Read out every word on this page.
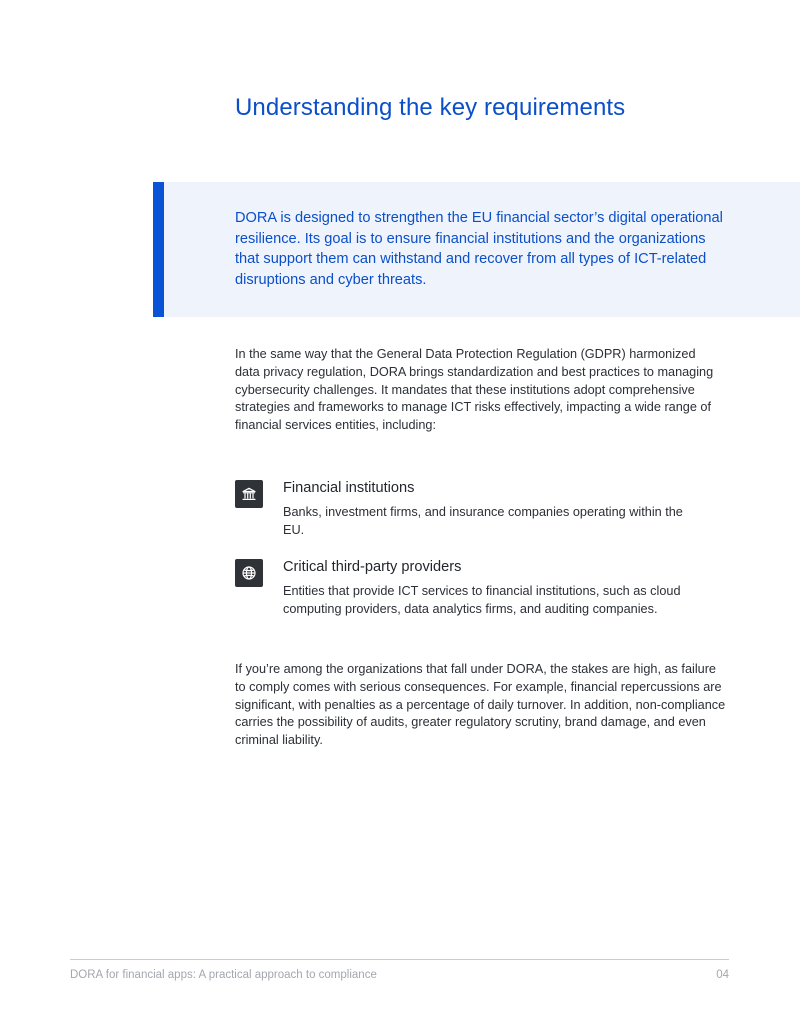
Understanding the key requirements

DORA is designed to strengthen the EU financial sector’s digital operational resilience. Its goal is to ensure financial institutions and the organizations that support them can withstand and recover from all types of ICT-related disruptions and cyber threats.

In the same way that the General Data Protection Regulation (GDPR) harmonized data privacy regulation, DORA brings standardization and best practices to managing cybersecurity challenges. It mandates that these institutions adopt comprehensive strategies and frameworks to manage ICT risks effectively, impacting a wide range of financial services entities, including:

Financial institutions

Banks, investment firms, and insurance companies operating within the EU.

Critical third-party providers

Entities that provide ICT services to financial institutions, such as cloud computing providers, data analytics firms, and auditing companies.

If you’re among the organizations that fall under DORA, the stakes are high, as failure to comply comes with serious consequences. For example, financial repercussions are significant, with penalties as a percentage of daily turnover. In addition, non-compliance carries the possibility of audits, greater regulatory scrutiny, brand damage, and even criminal liability.

DORA for financial apps: A practical approach to compliance	04
